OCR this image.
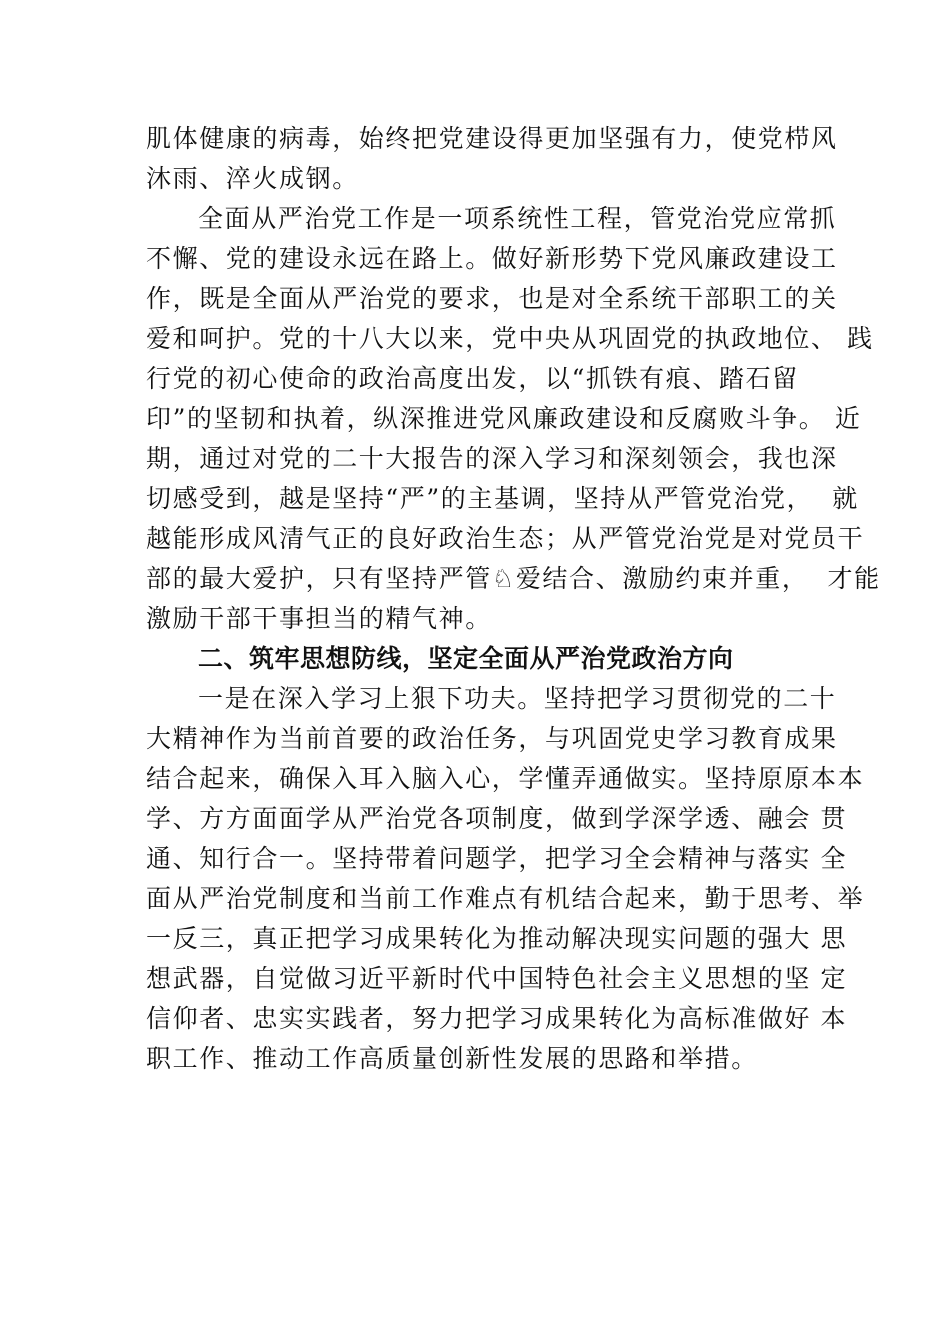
肌体健康的病毒，始终把党建设得更加坚强有力，使党栉风
沐雨、淬火成钢。
全面从严治党工作是一项系统性工程，管党治党应常抓
不懈、党的建设永远在路上。做好新形势下党风廉政建设工
作，既是全面从严治党的要求，也是对全系统干部职工的关
爱和呵护。党的十八大以来，党中央从巩固党的执政地位、 践
行党的初心使命的政治高度出发，以“抓铁有痕、踏石留
印”的坚韧和执着，纵深推进党风廉政建设和反腐败斗争。 近
期，通过对党的二十大报告的深入学习和深刻领会，我也深
切感受到，越是坚持“严”的主基调，坚持从严管党治党，  就
越能形成风清气正的良好政治生态；从严管党治党是对党员干
部的最大爱护，只有坚持严管♘爱结合、激励约束并重，  才能
激励干部干事担当的精气神。
二、筑牢思想防线，坚定全面从严治党政治方向
一是在深入学习上狠下功夫。坚持把学习贯彻党的二十
大精神作为当前首要的政治任务，与巩固党史学习教育成果
结合起来，确保入耳入脑入心，学懂弄通做实。坚持原原本本
学、方方面面学从严治党各项制度，做到学深学透、融会 贯
通、知行合一。坚持带着问题学，把学习全会精神与落实 全
面从严治党制度和当前工作难点有机结合起来，勤于思考、举
一反三，真正把学习成果转化为推动解决现实问题的强大 思
想武器，自觉做习近平新时代中国特色社会主义思想的坚 定
信仰者、忠实实践者，努力把学习成果转化为高标准做好 本
职工作、推动工作高质量创新性发展的思路和举措。
